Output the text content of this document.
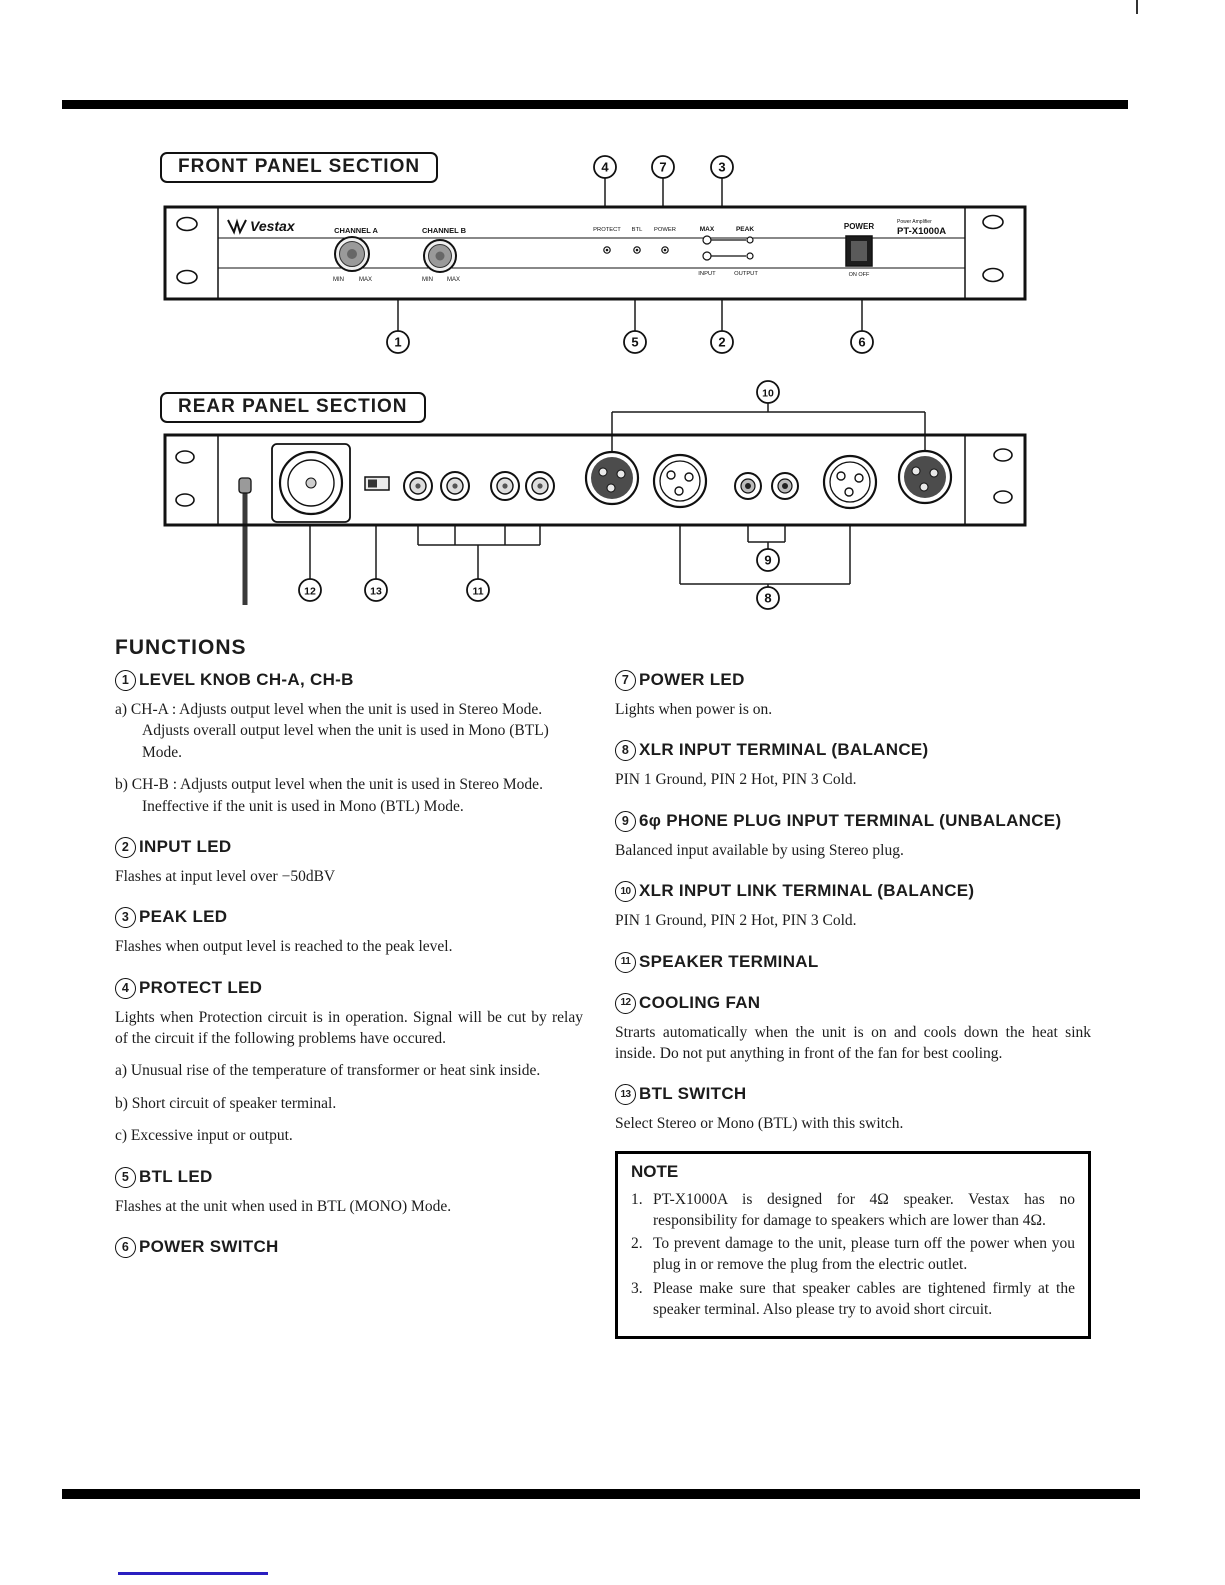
FRONT PANEL SECTION
Vestax	CHANNEL A
MIN	MAX
CHANNEL B
MIN MAX
PROTECT BTL POWER	MAX	PEAK
INPUT	OUTPUT
POWER
ON OFF
Power Amplifier
PT-X1000A
4	7	3
1	5	2	6
REAR PANEL SECTION
10
9
8
12	13	11
FUNCTIONS
1 LEVEL KNOB CH-A, CH-B

a) CH-A : Adjusts output level when the unit is used in Stereo Mode. Adjusts overall output level when the unit is used in Mono (BTL) Mode.

b) CH-B : Adjusts output level when the unit is used in Stereo Mode. Ineffective if the unit is used in Mono (BTL) Mode.

2 INPUT LED

Flashes at input level over −50dBV

3 PEAK LED

Flashes when output level is reached to the peak level.

4 PROTECT LED

Lights when Protection circuit is in operation. Signal will be cut by relay of the circuit if the following problems have occured.

a) Unusual rise of the temperature of transformer or heat sink inside.

b) Short circuit of speaker terminal.

c) Excessive input or output.

5 BTL LED

Flashes at the unit when used in BTL (MONO) Mode.

6 POWER SWITCH
7 POWER LED

Lights when power is on.

8 XLR INPUT TERMINAL (BALANCE)

PIN 1 Ground, PIN 2 Hot, PIN 3 Cold.

9 6φ PHONE PLUG INPUT TERMINAL (UNBALANCE)

Balanced input available by using Stereo plug.

10 XLR INPUT LINK TERMINAL (BALANCE)

PIN 1 Ground, PIN 2 Hot, PIN 3 Cold.

11 SPEAKER TERMINAL
12 COOLING FAN

Strarts automatically when the unit is on and cools down the heat sink inside. Do not put anything in front of the fan for best cooling.

13 BTL SWITCH

Select Stereo or Mono (BTL) with this switch.

NOTE
1. PT-X1000A is designed for 4Ω speaker. Vestax has no responsibility for damage to speakers which are lower than 4Ω.
2. To prevent damage to the unit, please turn off the power when you plug in or remove the plug from the electric outlet.
3. Please make sure that speaker cables are tightened firmly at the speaker terminal. Also please try to avoid short circuit.
